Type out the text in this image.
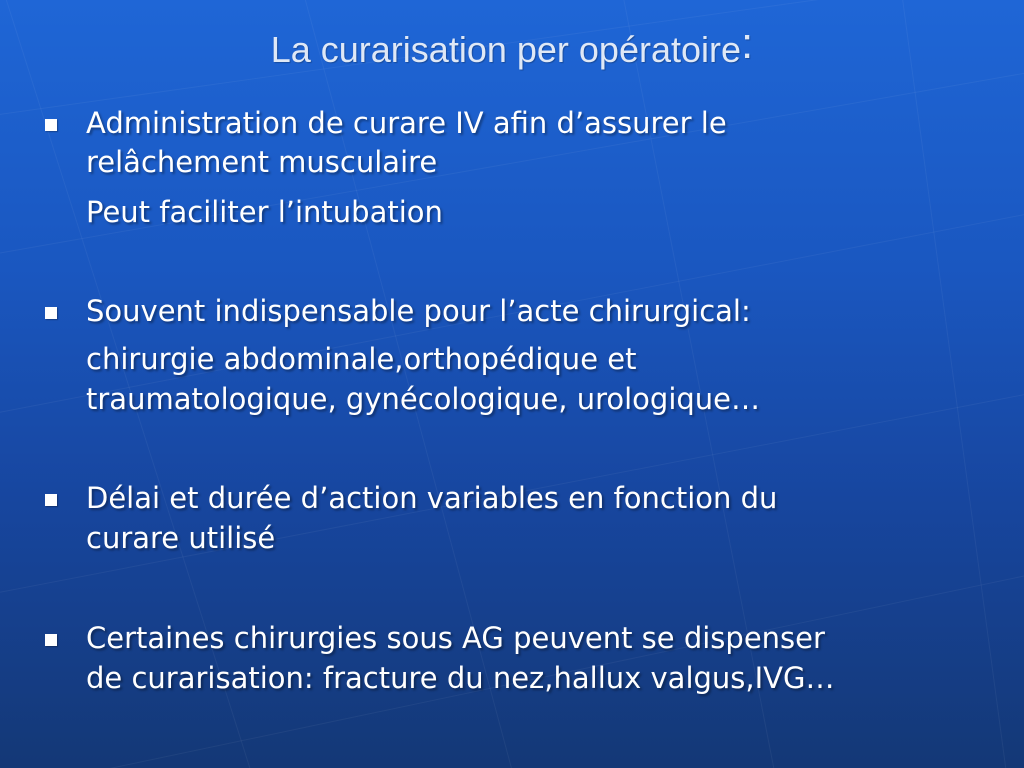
La curarisation per opératoire:
Administration de curare IV afin d’assurer le
relâchement musculaire
Peut faciliter l’intubation
Souvent indispensable pour l’acte chirurgical:
chirurgie abdominale,orthopédique et
traumatologique, gynécologique, urologique…
Délai et durée d’action variables en fonction du
curare utilisé
Certaines chirurgies sous AG peuvent se dispenser
de curarisation: fracture du nez,hallux valgus,IVG…
